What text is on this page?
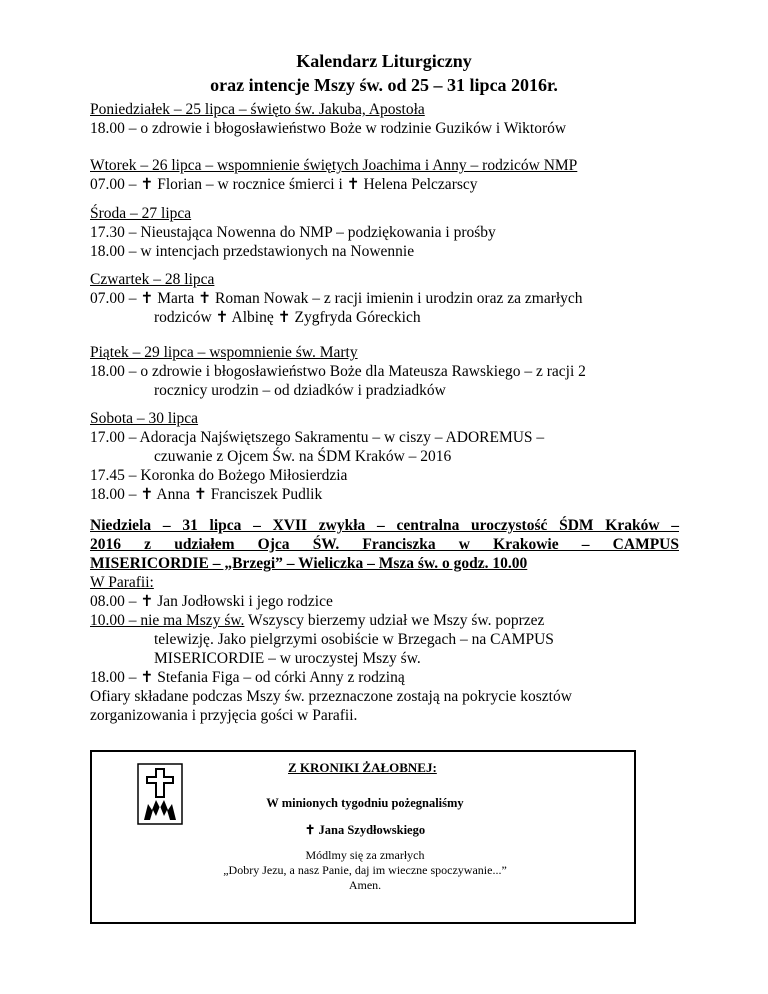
Kalendarz Liturgiczny
oraz intencje Mszy św. od 25 – 31 lipca 2016r.
Poniedziałek – 25 lipca – święto św. Jakuba, Apostoła
18.00 – o zdrowie i błogosławieństwo Boże w rodzinie Guzików i Wiktorów
Wtorek – 26 lipca – wspomnienie świętych Joachima i Anny – rodziców NMP
07.00 – ✝ Florian – w rocznice śmierci i ✝ Helena Pelczarscy
Środa – 27 lipca
17.30 – Nieustająca Nowenna do NMP – podziękowania i prośby
18.00 – w intencjach przedstawionych na Nowennie
Czwartek – 28 lipca
07.00 – ✝ Marta ✝ Roman Nowak – z racji imienin i urodzin oraz za zmarłych
rodziców ✝ Albinę ✝ Zygfryda Góreckich
Piątek – 29 lipca – wspomnienie św. Marty
18.00 – o zdrowie i błogosławieństwo Boże dla Mateusza Rawskiego – z racji 2
rocznicy urodzin – od dziadków i pradziadków
Sobota – 30 lipca
17.00 – Adoracja Najświętszego Sakramentu – w ciszy – ADOREMUS –
czuwanie z Ojcem Św. na ŚDM Kraków – 2016
17.45 – Koronka do Bożego Miłosierdzia
18.00 – ✝ Anna ✝ Franciszek Pudlik
Niedziela – 31 lipca – XVII zwykła – centralna uroczystość ŚDM Kraków –
2016 z udziałem Ojca ŚW. Franciszka w Krakowie – CAMPUS
MISERICORDIE – „Brzegi” – Wieliczka – Msza św. o godz. 10.00
W Parafii:
08.00 – ✝ Jan Jodłowski i jego rodzice
10.00 – nie ma Mszy św. Wszyscy bierzemy udział we Mszy św. poprzez
telewizję. Jako pielgrzymi osobiście w Brzegach – na CAMPUS
MISERICORDIE – w uroczystej Mszy św.
18.00 – ✝ Stefania Figa – od córki Anny z rodziną
Ofiary składane podczas Mszy św. przeznaczone zostają na pokrycie kosztów
zorganizowania i przyjęcia gości w Parafii.
Z KRONIKI ŻAŁOBNEJ:
W minionych tygodniu pożegnaliśmy
✝ Jana Szydłowskiego
Módlmy się za zmarłych
„Dobry Jezu, a nasz Panie, daj im wieczne spoczywanie...”
Amen.
